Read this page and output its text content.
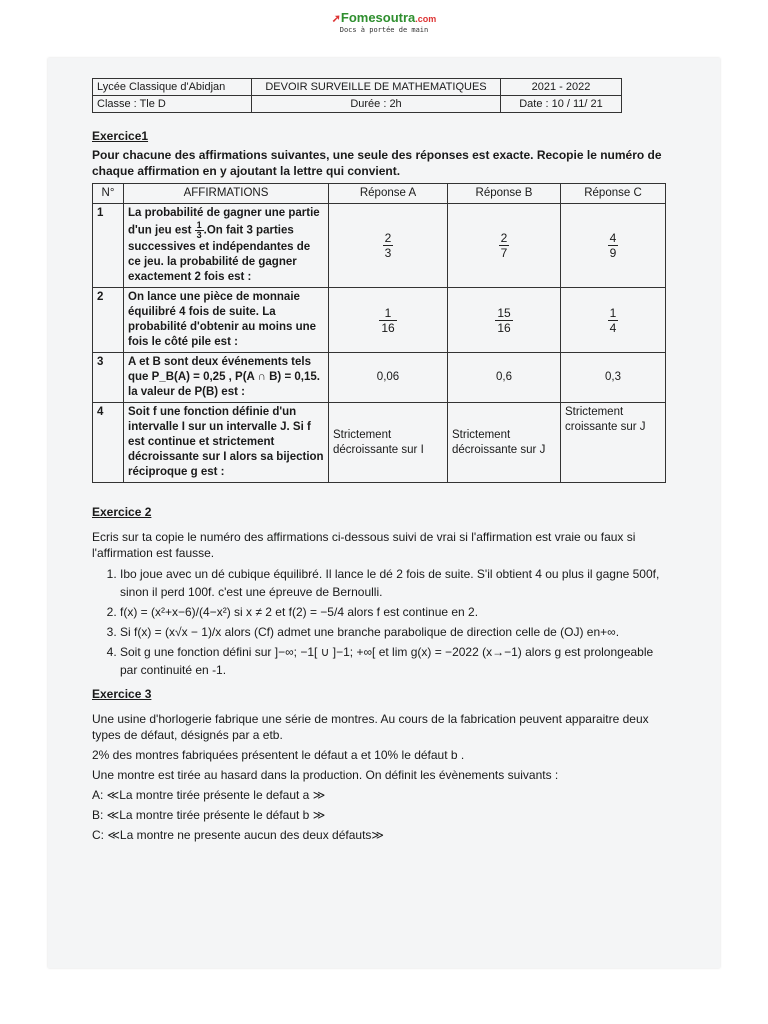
➚Fomesoutra.com
Docs à portée de main
Lycée Classique d'Abidjan	DEVOIR SURVEILLE DE MATHEMATIQUES	2021 - 2022
Classe : Tle D	Durée : 2h	Date : 10 / 11/ 21
Exercice1

Pour chacune des affirmations suivantes, une seule des réponses est exacte. Recopie le numéro de chaque affirmation en y ajoutant la lettre qui convient.

N°	AFFIRMATIONS	Réponse A	Réponse B	Réponse C
1	La probabilité de gagner une partie d'un jeu est $\frac{1}{3} .On$ fait 3 parties successives et indépendantes de ce jeu. la probabilité de gagner exactement 2 fois est :	$\frac{2}{3}$	$\frac{2}{7}$	$\frac{4}{9}$

2	On lance une pièce de monnaie équilibré 4 fois de suite. La probabilité d'obtenir au moins une fois le côté pile est :	$\frac{1}{16}$	$\frac{15}{16}$	$\frac{1}{4}$

3	A et B sont deux événements tels que P_B(A) = 0,25 , P(A ∩ B) = 0,15. la valeur de P(B) est :	0,06	0,6	0,3
4	Soit f une fonction définie d'un intervalle I sur un intervalle J. Si f est continue et strictement décroissante sur I alors sa bijection réciproque g est :	Strictement décroissante sur I	Strictement décroissante sur J	Strictement croissante sur J
Exercice 2

Ecris sur ta copie le numéro des affirmations ci-dessous suivi de vrai si l'affirmation est vraie ou faux si l'affirmation est fausse.

1. Ibo joue avec un dé cubique équilibré. Il lance le dé 2 fois de suite. S'il obtient 4 ou plus il gagne 500f, sinon il perd 100f. c'est une épreuve de Bernoulli.
2. f(x) = (x²+x−6)/(4−x²) si x ≠ 2 et f(2) = −5/4 alors f est continue en 2.
3. Si f(x) = (x√x − 1)/x alors (Cf) admet une branche parabolique de direction celle de (OJ) en+∞.
4. Soit g une fonction défini sur ]−∞; −1[ ∪ ]−1; +∞[ et lim g(x) = −2022 (x→−1) alors g est prolongeable par continuité en -1.
Exercice 3

Une usine d'horlogerie fabrique une série de montres. Au cours de la fabrication peuvent apparaitre deux types de défaut, désignés par a etb.

2% des montres fabriquées présentent le défaut a et 10% le défaut b .

Une montre est tirée au hasard dans la production. On définit les évènements suivants :

A: ≪La montre tirée présente le defaut a ≫

B: ≪La montre tirée présente le défaut b ≫

C: ≪La montre ne presente aucun des deux défauts≫
